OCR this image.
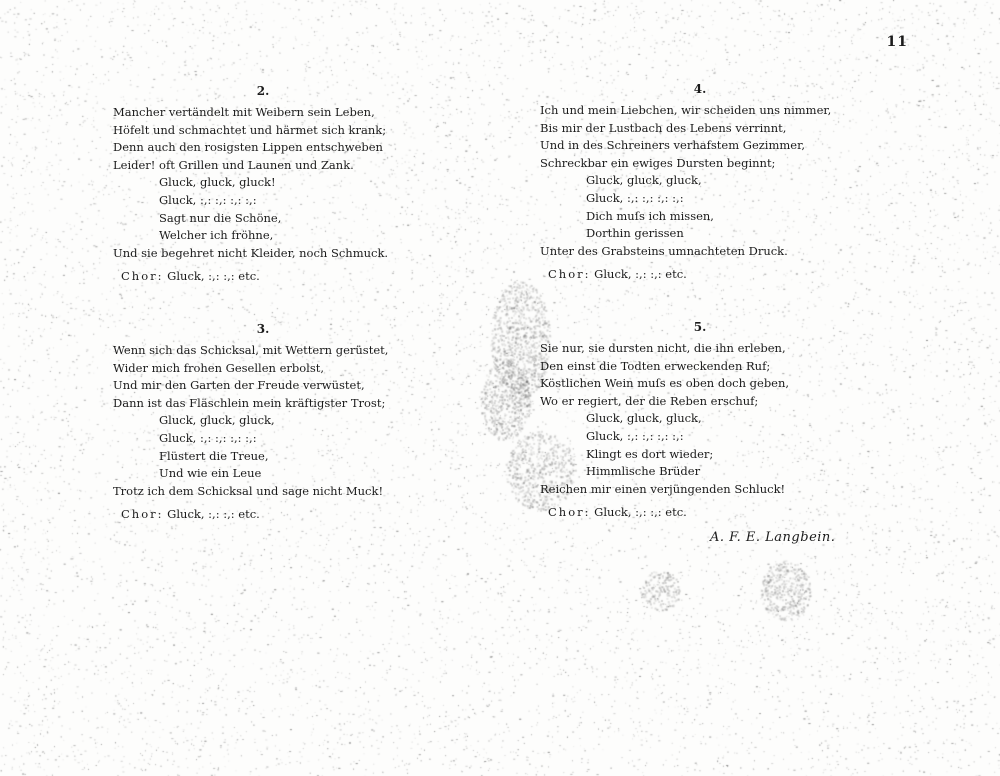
11
2.
Mancher vertändelt mit Weibern sein Leben,
Höfelt und schmachtet und härmet sich krank;
Denn auch den rosigsten Lippen entschweben
Leider! oft Grillen und Launen und Zank.
Gluck, gluck, gluck!
Gluck, :,: :,: :,: :,:
Sagt nur die Schöne,
Welcher ich fröhne,
Und sie begehret nicht Kleider, noch Schmuck.
Chor: Gluck, :,: :,: etc.
3.
Wenn sich das Schicksal, mit Wettern gerüstet,
Wider mich frohen Gesellen erbolst,
Und mir den Garten der Freude verwüstet,
Dann ist das Fläschlein mein kräftigster Trost;
Gluck, gluck, gluck,
Gluck, :,: :,: :,: :,:
Flüstert die Treue,
Und wie ein Leue
Trotz ich dem Schicksal und sage nicht Muck!
Chor: Gluck, :,: :,: etc.
4.
Ich und mein Liebchen, wir scheiden uns nimmer,
Bis mir der Lustbach des Lebens verrinnt,
Und in des Schreiners verhafstem Gezimmer,
Schreckbar ein ewiges Dursten beginnt;
Gluck, gluck, gluck,
Gluck, :,: :,: :,: :,:
Dich muſs ich missen,
Dorthin gerissen
Unter des Grabsteins umnachteten Druck.
Chor: Gluck, :,: :,: etc.
5.
Sie nur, sie dursten nicht, die ihn erleben,
Den einst die Todten erweckenden Ruf;
Köstlichen Wein muſs es oben doch geben,
Wo er regiert, der die Reben erschuf;
Gluck, gluck, gluck,
Gluck, :,: :,: :,: :,:
Klingt es dort wieder;
Himmlische Brüder
Reichen mir einen verjüngenden Schluck!
Chor: Gluck, :,: :,: etc.
A. F. E. Langbein.
